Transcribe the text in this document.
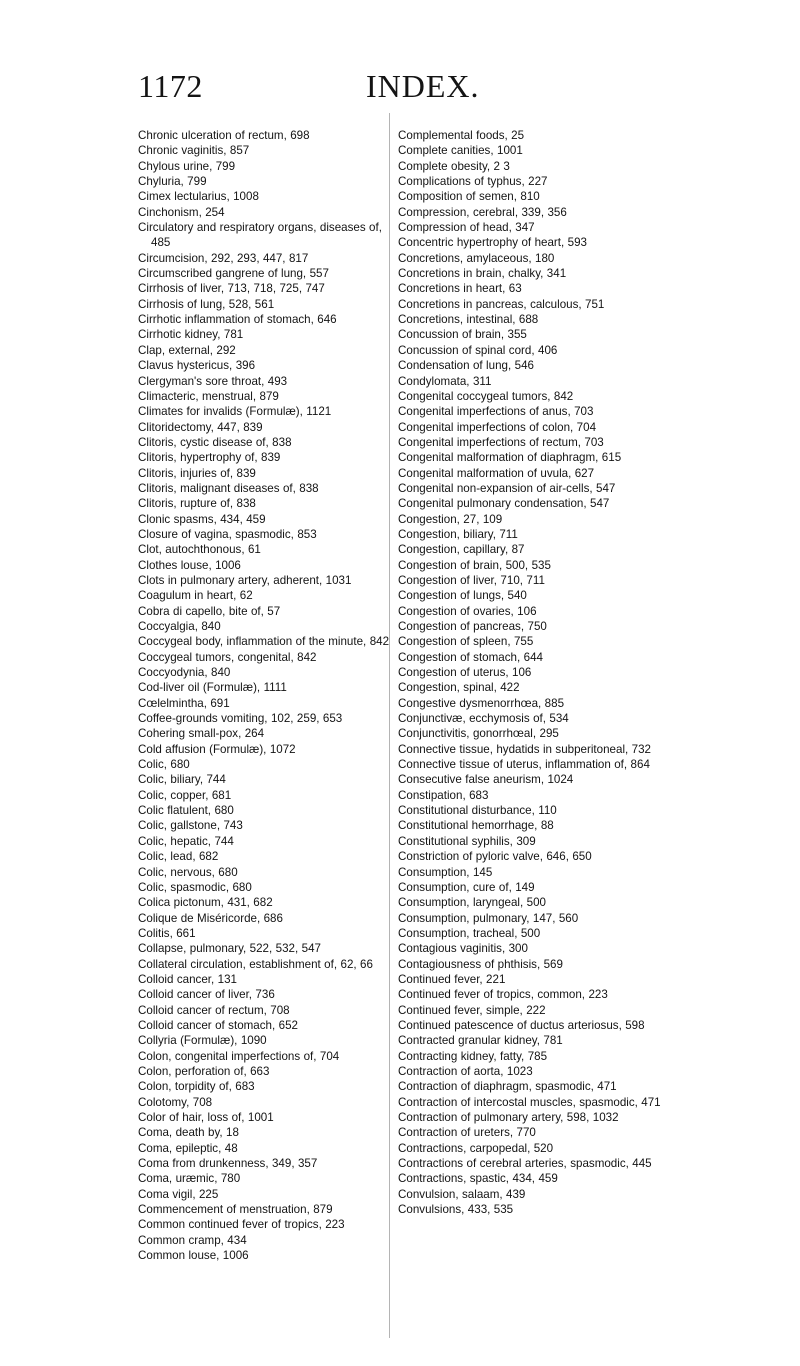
1172	INDEX.
Chronic ulceration of rectum, 698
Chronic vaginitis, 857
Chylous urine, 799
Chyluria, 799
Cimex lectularius, 1008
Cinchonism, 254
Circulatory and respiratory organs, diseases of, 485
Circumcision, 292, 293, 447, 817
Circumscribed gangrene of lung, 557
Cirrhosis of liver, 713, 718, 725, 747
Cirrhosis of lung, 528, 561
Cirrhotic inflammation of stomach, 646
Cirrhotic kidney, 781
Clap, external, 292
Clavus hystericus, 396
Clergyman's sore throat, 493
Climacteric, menstrual, 879
Climates for invalids (Formulæ), 1121
Clitoridectomy, 447, 839
Clitoris, cystic disease of, 838
Clitoris, hypertrophy of, 839
Clitoris, injuries of, 839
Clitoris, malignant diseases of, 838
Clitoris, rupture of, 838
Clonic spasms, 434, 459
Closure of vagina, spasmodic, 853
Clot, autochthonous, 61
Clothes louse, 1006
Clots in pulmonary artery, adherent, 1031
Coagulum in heart, 62
Cobra di capello, bite of, 57
Coccyalgia, 840
Coccygeal body, inflammation of the minute, 842
Coccygeal tumors, congenital, 842
Coccyodynia, 840
Cod-liver oil (Formulæ), 1111
Cœlelmintha, 691
Coffee-grounds vomiting, 102, 259, 653
Cohering small-pox, 264
Cold affusion (Formulæ), 1072
Colic, 680
Colic, biliary, 744
Colic, copper, 681
Colic flatulent, 680
Colic, gallstone, 743
Colic, hepatic, 744
Colic, lead, 682
Colic, nervous, 680
Colic, spasmodic, 680
Colica pictonum, 431, 682
Colique de Miséricorde, 686
Colitis, 661
Collapse, pulmonary, 522, 532, 547
Collateral circulation, establishment of, 62, 66
Colloid cancer, 131
Colloid cancer of liver, 736
Colloid cancer of rectum, 708
Colloid cancer of stomach, 652
Collyria (Formulæ), 1090
Colon, congenital imperfections of, 704
Colon, perforation of, 663
Colon, torpidity of, 683
Colotomy, 708
Color of hair, loss of, 1001
Coma, death by, 18
Coma, epileptic, 48
Coma from drunkenness, 349, 357
Coma, uræmic, 780
Coma vigil, 225
Commencement of menstruation, 879
Common continued fever of tropics, 223
Common cramp, 434
Common louse, 1006
Complemental foods, 25
Complete canities, 1001
Complete obesity, 2 3
Complications of typhus, 227
Composition of semen, 810
Compression, cerebral, 339, 356
Compression of head, 347
Concentric hypertrophy of heart, 593
Concretions, amylaceous, 180
Concretions in brain, chalky, 341
Concretions in heart, 63
Concretions in pancreas, calculous, 751
Concretions, intestinal, 688
Concussion of brain, 355
Concussion of spinal cord, 406
Condensation of lung, 546
Condylomata, 311
Congenital coccygeal tumors, 842
Congenital imperfections of anus, 703
Congenital imperfections of colon, 704
Congenital imperfections of rectum, 703
Congenital malformation of diaphragm, 615
Congenital malformation of uvula, 627
Congenital non-expansion of air-cells, 547
Congenital pulmonary condensation, 547
Congestion, 27, 109
Congestion, biliary, 711
Congestion, capillary, 87
Congestion of brain, 500, 535
Congestion of liver, 710, 711
Congestion of lungs, 540
Congestion of ovaries, 106
Congestion of pancreas, 750
Congestion of spleen, 755
Congestion of stomach, 644
Congestion of uterus, 106
Congestion, spinal, 422
Congestive dysmenorrhœa, 885
Conjunctivæ, ecchymosis of, 534
Conjunctivitis, gonorrhœal, 295
Connective tissue, hydatids in subperitoneal, 732
Connective tissue of uterus, inflammation of, 864
Consecutive false aneurism, 1024
Constipation, 683
Constitutional disturbance, 110
Constitutional hemorrhage, 88
Constitutional syphilis, 309
Constriction of pyloric valve, 646, 650
Consumption, 145
Consumption, cure of, 149
Consumption, laryngeal, 500
Consumption, pulmonary, 147, 560
Consumption, tracheal, 500
Contagious vaginitis, 300
Contagiousness of phthisis, 569
Continued fever, 221
Continued fever of tropics, common, 223
Continued fever, simple, 222
Continued patescence of ductus arteriosus, 598
Contracted granular kidney, 781
Contracting kidney, fatty, 785
Contraction of aorta, 1023
Contraction of diaphragm, spasmodic, 471
Contraction of intercostal muscles, spasmodic, 471
Contraction of pulmonary artery, 598, 1032
Contraction of ureters, 770
Contractions, carpopedal, 520
Contractions of cerebral arteries, spasmodic, 445
Contractions, spastic, 434, 459
Convulsion, salaam, 439
Convulsions, 433, 535
